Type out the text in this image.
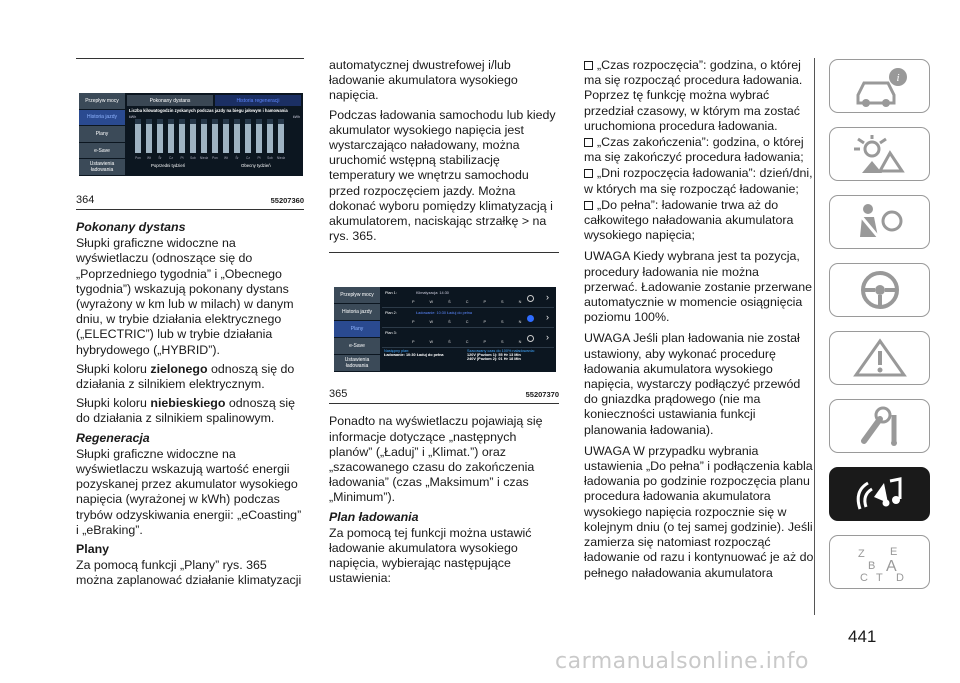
Przepływ mocy
Historia jazdy
Plany
e-Save
Ustawienia ładowania
Pokonany dystans	Historia regeneracji
Liczba kilowatogodzin zyskanych podczas jazdy na biegu jałowym i hamowania
kWh	kWh
Pon	Wt	Śr	Cz	Pt	Sob	Niedz	Pon	Wt	Śr	Cz	Pt	Sob	Niedz
Poprzedni tydzień	Obecny tydzień
364	55207360
Pokonany dystans
Słupki graficzne widoczne na wyświetlaczu (odnoszące się do „Poprzedniego tygodnia” i „Obecnego tygodnia”) wskazują pokonany dystans (wyrażony w km lub w milach) w danym dniu, w trybie działania elektrycznego („ELECTRIC”) lub w trybie działania hybrydowego („HYBRID”).
Słupki koloru zielonego odnoszą się do działania z silnikiem elektrycznym.
Słupki koloru niebieskiego odnoszą się do działania z silnikiem spalinowym.
Regeneracja
Słupki graficzne widoczne na wyświetlaczu wskazują wartość energii pozyskanej przez akumulator wysokiego napięcia (wyrażonej w kWh) podczas trybów odzyskiwania energii: „eCoasting” i „eBraking”.
Plany
Za pomocą funkcji „Plany” rys. 365 można zaplanować działanie klimatyzacji
automatycznej dwustrefowej i/lub ładowanie akumulatora wysokiego napięcia.
Podczas ładowania samochodu lub kiedy akumulator wysokiego napięcia jest wystarczająco naładowany, można uruchomić wstępną stabilizację temperatury we wnętrzu samochodu przed rozpoczęciem jazdy. Można dokonać wyboru pomiędzy klimatyzacją i akumulatorem, naciskając strzałkę > na rys. 365.
Przepływ mocy
Historia jazdy
Plany
e-Save
Ustawienia ładowania
Plan 1:	Klimatyzacja: 14:30
P W Ś C P S N	›
Plan 2:	Ładowanie: 10:30 Ładuj do pełna
P W Ś C P S N	›
Plan 3:
P W Ś C P S N	›
Następny plan:
Ładowanie: 10:30 Ładuj do pełna
Szacowany czas do 100% naładowania:
120V (Poziom 1): 55 Hr 13 Min
240V (Poziom 2): 01 Hr 18 Min
365	55207370
Ponadto na wyświetlaczu pojawiają się informacje dotyczące „następnych planów” („Ładuj” i „Klimat.”) oraz „szacowanego czasu do zakończenia ładowania” (czas „Maksimum” i czas „Minimum”).
Plan ładowania
Za pomocą tej funkcji można ustawić ładowanie akumulatora wysokiego napięcia, wybierając następujące ustawienia:
„Czas rozpoczęcia”: godzina, o której ma się rozpocząć procedura ładowania. Poprzez tę funkcję można wybrać przedział czasowy, w którym ma zostać uruchomiona procedura ładowania.
„Czas zakończenia”: godzina, o której ma się zakończyć procedura ładowania;
„Dni rozpoczęcia ładowania”: dzień/dni, w których ma się rozpocząć ładowanie;
„Do pełna”: ładowanie trwa aż do całkowitego naładowania akumulatora wysokiego napięcia;
UWAGA Kiedy wybrana jest ta pozycja, procedury ładowania nie można przerwać. Ładowanie zostanie przerwane automatycznie w momencie osiągnięcia poziomu 100%.
UWAGA Jeśli plan ładowania nie został ustawiony, aby wykonać procedurę ładowania akumulatora wysokiego napięcia, wystarczy podłączyć przewód do gniazdka prądowego (nie ma konieczności ustawiania funkcji planowania ładowania).
UWAGA W przypadku wybrania ustawienia „Do pełna” i podłączenia kabla ładowania po godzinie rozpoczęcia planu procedura ładowania akumulatora wysokiego napięcia rozpocznie się w kolejnym dniu (o tej samej godzinie). Jeśli zamierza się natomiast rozpocząć ładowanie od razu i kontynuować je aż do pełnego naładowania akumulatora
i
Z E
B A
C T D
441
carmanualsonline.info
